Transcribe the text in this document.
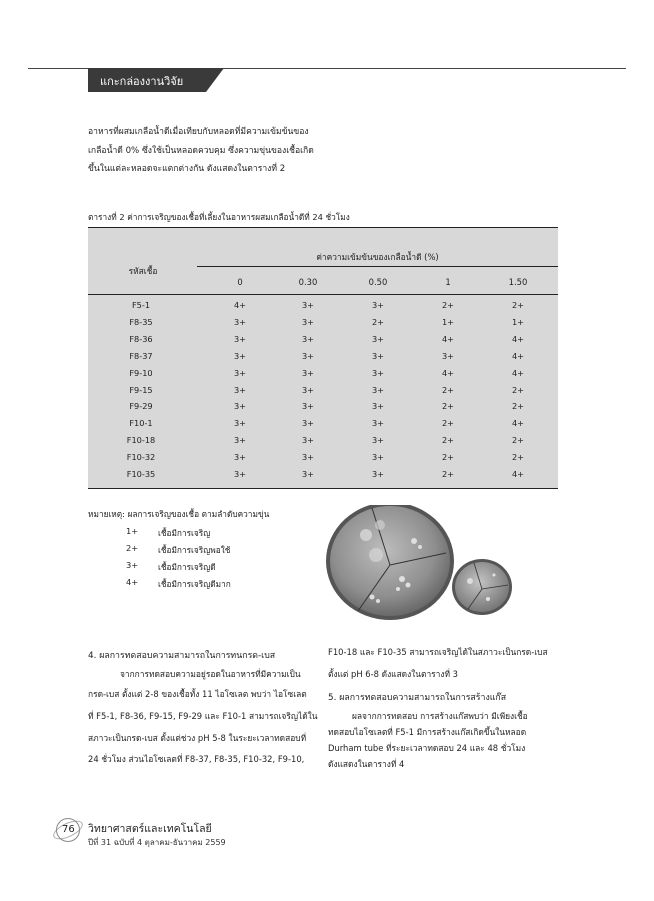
แกะกล่องงานวิจัย
อาหารที่ผสมเกลือน้ำดีเมื่อเทียบกับหลอดที่มีความเข้มข้นของ
เกลือน้ำดี 0% ซึ่งใช้เป็นหลอดควบคุม ซึ่งความขุ่นของเชื้อเกิด
ขึ้นในแต่ละหลอดจะแตกต่างกัน ดังแสดงในตารางที่ 2
ตารางที่ 2 ค่าการเจริญของเชื้อที่เลี้ยงในอาหารผสมเกลือน้ำดีที่ 24 ชั่วโมง
รหัสเชื้อ
ค่าความเข้มข้นของเกลือน้ำดี (%)
0	0.30	0.50	1	1.50
F5-1	4+	3+	3+	2+	2+
F8-35	3+	3+	2+	1+	1+
F8-36	3+	3+	3+	4+	4+
F8-37	3+	3+	3+	3+	4+
F9-10	3+	3+	3+	4+	4+
F9-15	3+	3+	3+	2+	2+
F9-29	3+	3+	3+	2+	2+
F10-1	3+	3+	3+	2+	4+
F10-18	3+	3+	3+	2+	2+
F10-32	3+	3+	3+	2+	2+
F10-35	3+	3+	3+	2+	4+
หมายเหตุ: ผลการเจริญของเชื้อ ตามลำดับความขุ่น
1+ เชื้อมีการเจริญ
2+ เชื้อมีการเจริญพอใช้
3+ เชื้อมีการเจริญดี
4+ เชื้อมีการเจริญดีมาก
4. ผลการทดสอบความสามารถในการทนกรด-เบส
จากการทดสอบความอยู่รอดในอาหารที่มีความเป็น
กรด-เบส ตั้งแต่ 2-8 ของเชื้อทั้ง 11 ไอโซเลต พบว่า ไอโซเลต
ที่ F5-1, F8-36, F9-15, F9-29 และ F10-1 สามารถเจริญได้ใน
สภาวะเป็นกรด-เบส ตั้งแต่ช่วง pH 5-8 ในระยะเวลาทดสอบที่
24 ชั่วโมง ส่วนไอโซเลตที่ F8-37, F8-35, F10-32, F9-10,
F10-18 และ F10-35 สามารถเจริญได้ในสภาวะเป็นกรด-เบส
ตั้งแต่ pH 6-8 ดังแสดงในตารางที่ 3
5. ผลการทดสอบความสามารถในการสร้างแก๊ส
ผลจากการทดสอบ การสร้างแก๊สพบว่า มีเพียงเชื้อ
ทดสอบไอโซเลตที่ F5-1 มีการสร้างแก๊สเกิดขึ้นในหลอด
Durham tube ที่ระยะเวลาทดสอบ 24 และ 48 ชั่วโมง
ดังแสดงในตารางที่ 4
76 วิทยาศาสตร์และเทคโนโลยี
ปีที่ 31 ฉบับที่ 4 ตุลาคม-ธันวาคม 2559
